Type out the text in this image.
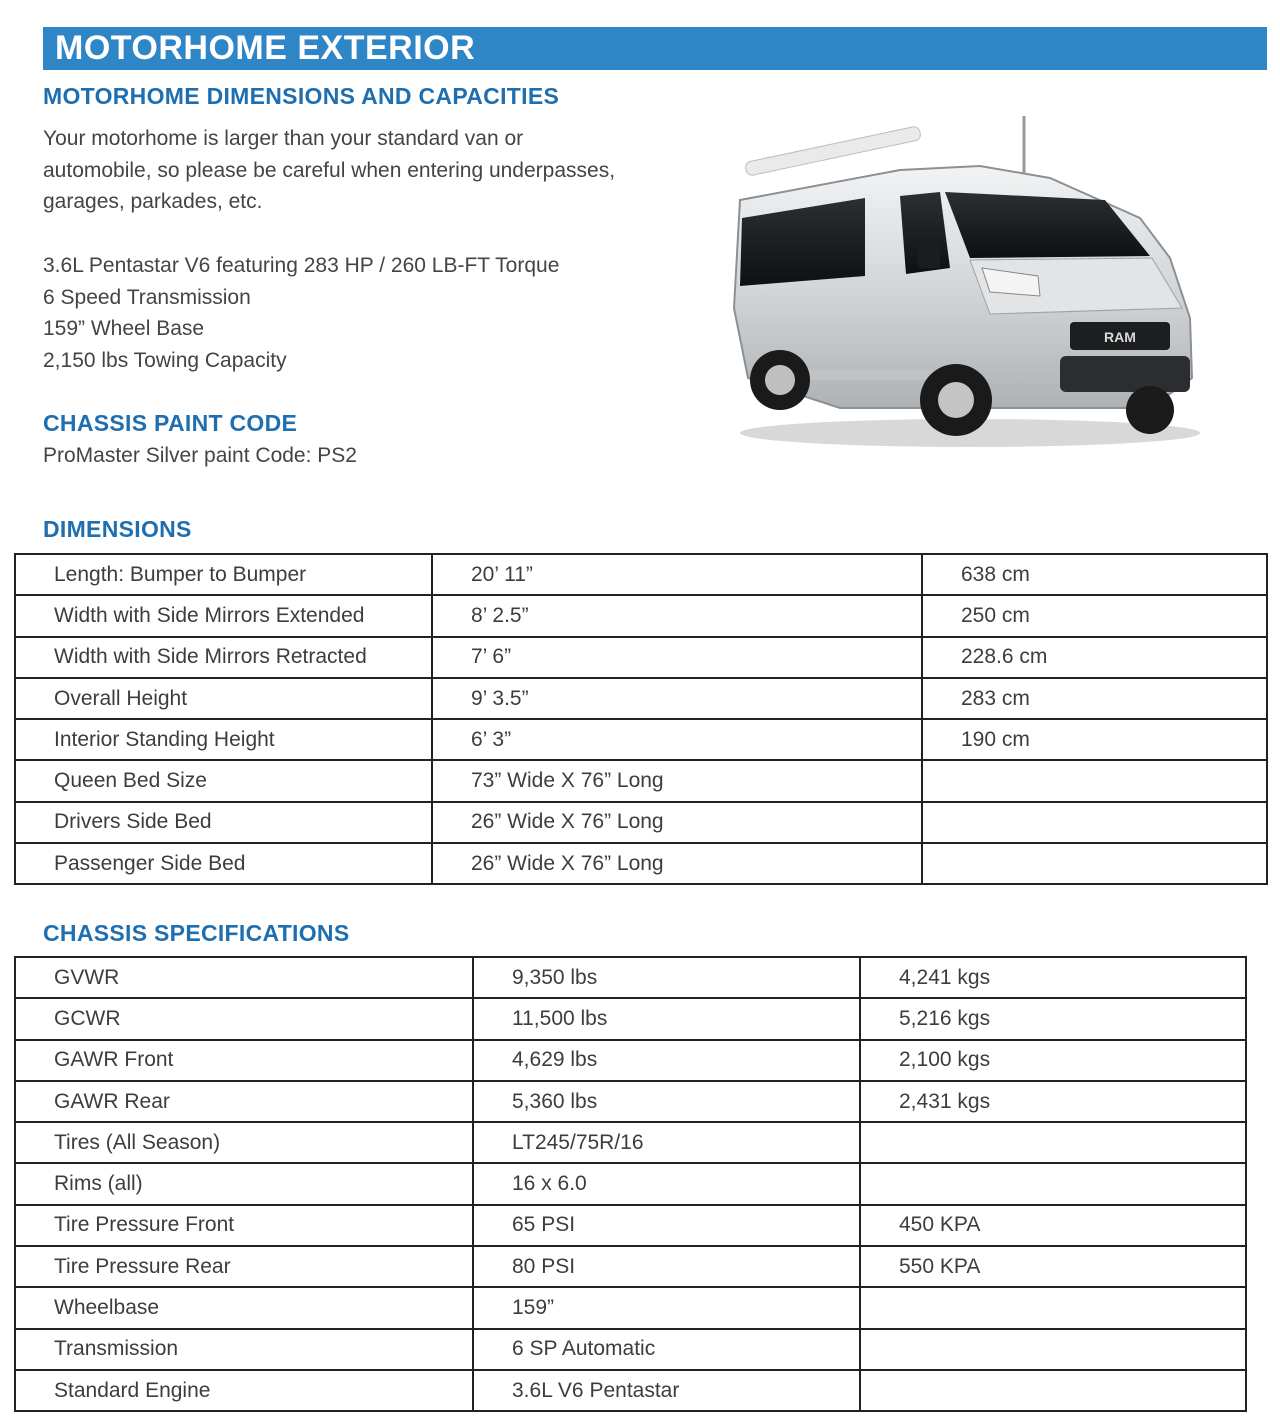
MOTORHOME EXTERIOR
MOTORHOME DIMENSIONS AND CAPACITIES
Your motorhome is larger than your standard van or
automobile, so please be careful when entering underpasses,
garages, parkades, etc.
3.6L Pentastar V6 featuring 283 HP / 260 LB-FT Torque
6 Speed Transmission
159” Wheel Base
2,150 lbs Towing Capacity
CHASSIS PAINT CODE
ProMaster Silver paint Code: PS2
RAM
DIMENSIONS
Length: Bumper to Bumper	20’ 11”	638 cm
Width with Side Mirrors Extended	8’ 2.5”	250 cm
Width with Side Mirrors Retracted	7’ 6”	228.6 cm
Overall Height	9’ 3.5”	283 cm
Interior Standing Height	6’ 3”	190 cm
Queen Bed Size	73” Wide X 76” Long	
Drivers Side Bed	26” Wide X 76” Long	
Passenger Side Bed	26” Wide X 76” Long	
CHASSIS SPECIFICATIONS
GVWR	9,350 lbs	4,241 kgs
GCWR	11,500 lbs	5,216 kgs
GAWR Front	4,629 lbs	2,100 kgs
GAWR Rear	5,360 lbs	2,431 kgs
Tires (All Season)	LT245/75R/16	
Rims (all)	16 x 6.0	
Tire Pressure Front	65 PSI	450 KPA
Tire Pressure Rear	80 PSI	550 KPA
Wheelbase	159”	
Transmission	6 SP Automatic	
Standard Engine	3.6L V6 Pentastar	
